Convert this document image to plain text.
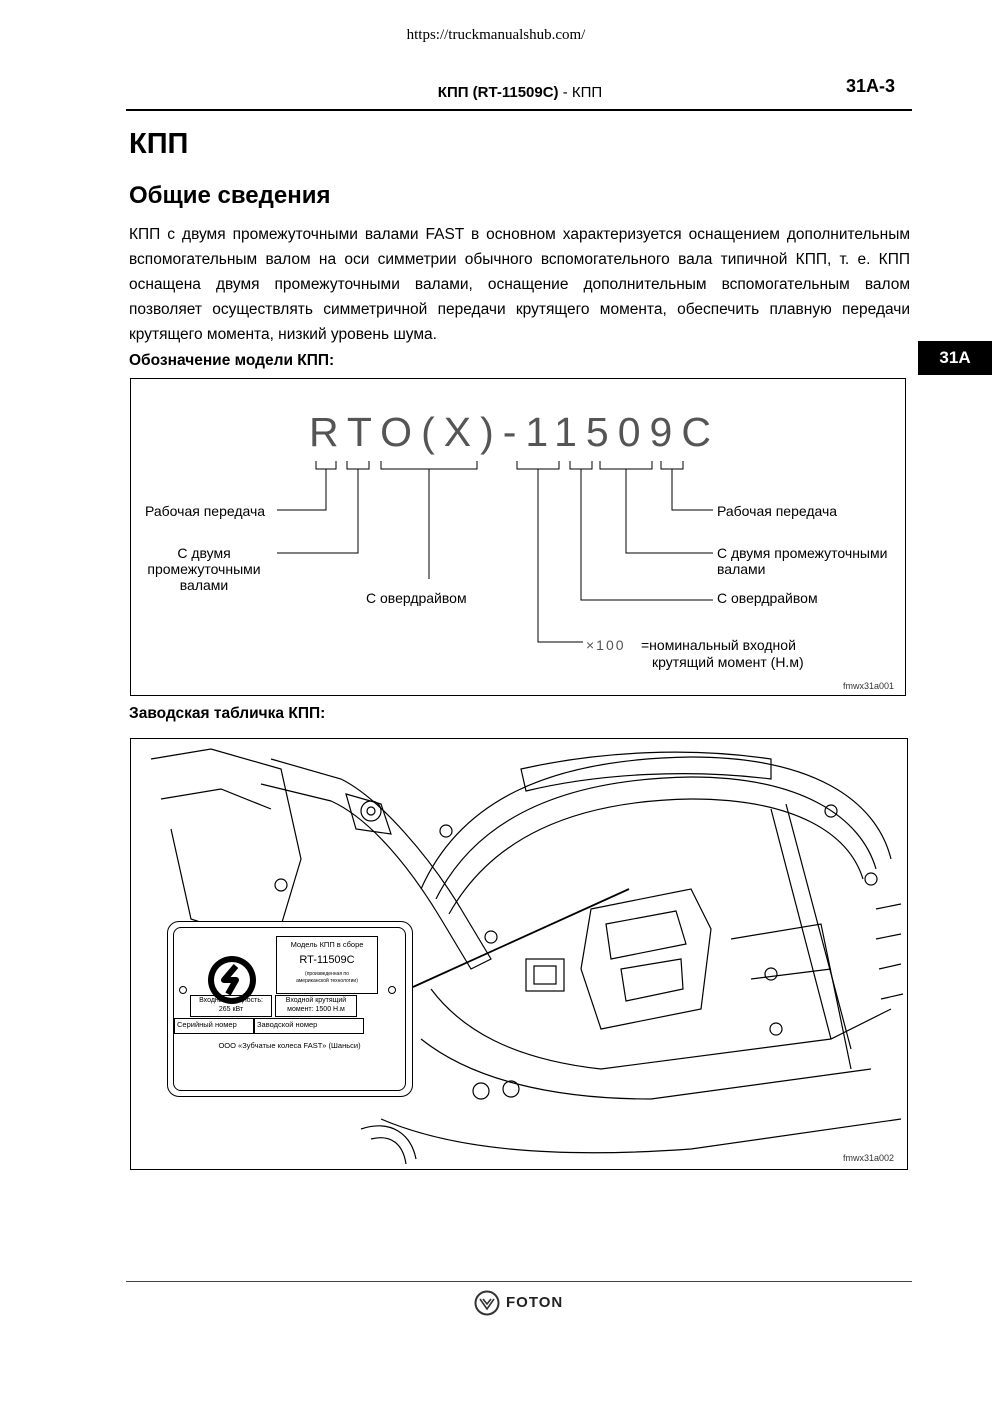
https://truckmanualshub.com/
КПП (RT-11509C) - КПП	31A-3
31A
КПП
Общие сведения
КПП с двумя промежуточными валами FAST в основном характеризуется оснащением дополнительным вспомогательным валом на оси симметрии обычного вспомогательного вала типичной КПП, т. е. КПП оснащена двумя промежуточными валами, оснащение дополнительным вспомогательным валом позволяет осуществлять симметричной передачи крутящего момента, обеспечить плавную передачи крутящего момента, низкий уровень шума.
Обозначение модели КПП:
RTO(X)-11509C
Рабочая передача
С двумя промежуточными валами
С овердрайвом
Рабочая передача
С двумя промежуточными валами
С овердрайвом
×100 =номинальный входной
крутящий момент (Н.м)
fmwx31a001
Заводская табличка КПП:
Модель КПП в сборе
RT-11509C
(произведенная по
американской технологии)
Входная мощность:
265 кВт
Входной крутящий
момент: 1500 Н.м
Серийный номер	Заводской номер
ООО «Зубчатые колеса FAST» (Шаньси)
fmwx31a002
FOTON
